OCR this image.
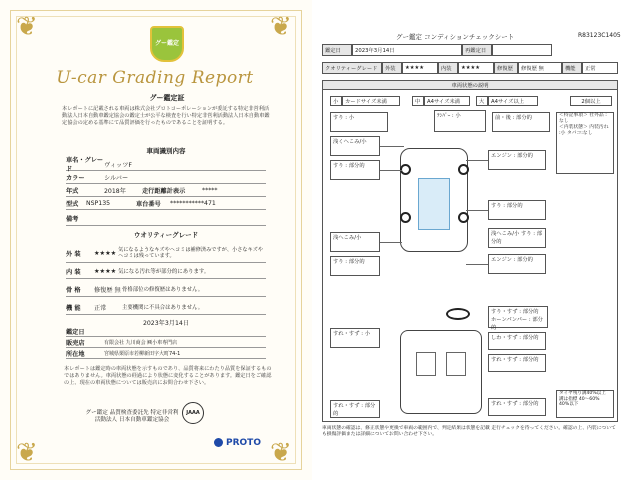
❦	❦
❦	❦
グー鑑定
U-car Grading Report
グー鑑定証
本レポートに記載される車両は株式会社プロトコーポレーションが委託する特定非営利活動法人日本自動車鑑定協会の鑑定士が公平な検査を行い特定非営利活動法人日本自動車鑑定協会の定める基準にて品質評価を行ったものであることを証明する。
車両識別内容
車名・グレード
ヴィッツF
カラー	シルバー
年式	2018年	走行距離計表示	*****
型式	NSP135	車台番号	***********471
備考
ウオリティーグレード
外 装	★★★★ 気になるようなキズやヘコミは補修済みですが、小さなキズやヘコミは残っています。
内 装	★★★★ 気になる汚れ等が部分的にあります。
骨 格	修復歴 無 骨格部位の修復歴はありません。
機 能	正常	主要機関に不具合はありません。
2023年3月14日
鑑定日
販売店	有限会社 九川商会 ㈱小車専門店
所在地	宮城県栗原市若柳新田字大町74-1
本レポートは鑑定時の車両状態を示すものであり、品質将来にわたり品質を保証するものではありません。車両状態の経過により状態に変化することがあります。鑑定日をご確認の上、現在の車両状態については販売店にお問合わせ下さい。
グー鑑定 品質検査委託先 特定非営利活動法人 日本自動車鑑定協会
JAAA
PROTO
グー鑑定 コンディションチェックシート	R83123C1405
鑑定日	2023年3月14日	再鑑定日
クオリティーグレード	外装	★★★★	内装	★★★★	修復歴	修復歴 無	機能	正常
車両状態の説明
小	カードサイズ未満	中	A4サイズ未満	大	A4サイズ以上	2個以上
すり : 小	ﾃﾝﾊﾟｰ : 小	前・後 : 部分的	＜特記事項＞ 社外品 :なし
＜内装状態＞ 内装汚れ :小 タバコ:なし
浅くへこみ/小
すり : 部分的
浅へこみ/小
すり : 部分的
エンジン : 部分的
すり : 部分的
浅へこみ/小 すり : 部分的
エンジン : 部分的
すり・すず : 部分的 ホーンパンパー : 部分的
すれ・すず : 小
しわ・すず : 部分的
すれ・すず : 部分的
すれ・すず : 部分的
すれ・すず : 部分的
タイヤ残り溝40%以上 溝は指標 40〜60% 40%以下
車両状態の確認は、修正状態や更換で車両の範囲内で、判定結果は状態を記載 走行チェックを待ってください。確認の上、内装についても損傷評価または詳細についてお問い合わせ下さい。
